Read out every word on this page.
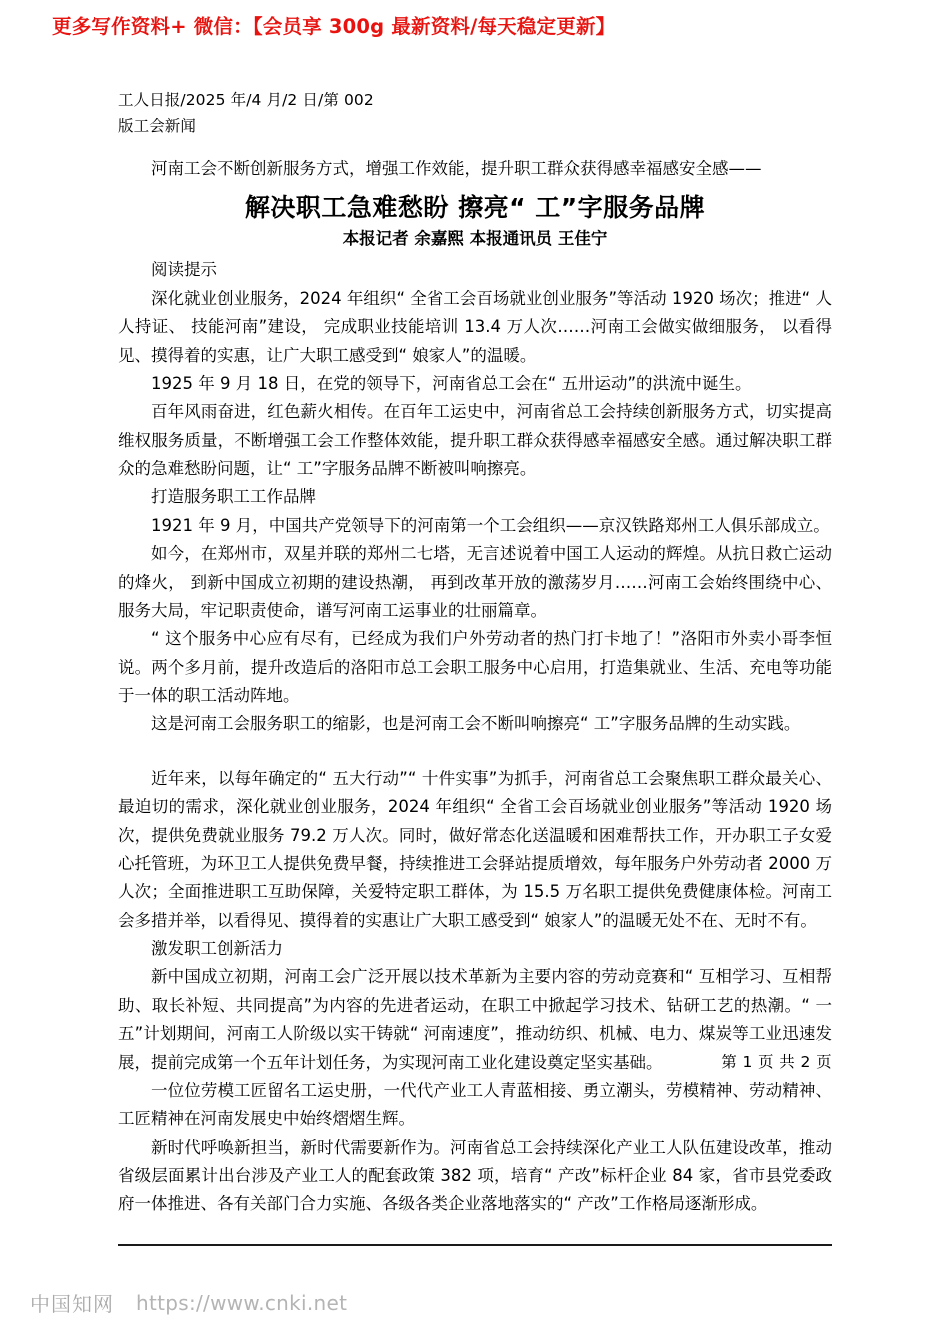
更多写作资料+ 微信：【会员享 300g 最新资料/每天稳定更新】
工人日报/2025 年/4 月/2 日/第 002
版工会新闻
河南工会不断创新服务方式，增强工作效能，提升职工群众获得感幸福感安全感——
解决职工急难愁盼 擦亮“ 工”字服务品牌
本报记者 余嘉熙 本报通讯员 王佳宁

阅读提示

深化就业创业服务，2024 年组织“ 全省工会百场就业创业服务”等活动 1920 场次；推进“ 人人持证、 技能河南”建设， 完成职业技能培训 13.4 万人次……河南工会做实做细服务， 以看得见、摸得着的实惠，让广大职工感受到“ 娘家人”的温暖。

1925 年 9 月 18 日，在党的领导下，河南省总工会在“ 五卅运动”的洪流中诞生。

百年风雨奋进，红色薪火相传。在百年工运史中，河南省总工会持续创新服务方式，切实提高维权服务质量，不断增强工会工作整体效能，提升职工群众获得感幸福感安全感。通过解决职工群众的急难愁盼问题，让“ 工”字服务品牌不断被叫响擦亮。

打造服务职工工作品牌

1921 年 9 月，中国共产党领导下的河南第一个工会组织——京汉铁路郑州工人俱乐部成立。

如今，在郑州市，双星并联的郑州二七塔，无言述说着中国工人运动的辉煌。从抗日救亡运动的烽火， 到新中国成立初期的建设热潮， 再到改革开放的激荡岁月……河南工会始终围绕中心、服务大局，牢记职责使命，谱写河南工运事业的壮丽篇章。

“ 这个服务中心应有尽有，已经成为我们户外劳动者的热门打卡地了！”洛阳市外卖小哥李恒说。两个多月前，提升改造后的洛阳市总工会职工服务中心启用，打造集就业、生活、充电等功能于一体的职工活动阵地。

这是河南工会服务职工的缩影，也是河南工会不断叫响擦亮“ 工”字服务品牌的生动实践。

近年来，以每年确定的“ 五大行动”“ 十件实事”为抓手，河南省总工会聚焦职工群众最关心、最迫切的需求，深化就业创业服务，2024 年组织“ 全省工会百场就业创业服务”等活动 1920 场次，提供免费就业服务 79.2 万人次。同时，做好常态化送温暖和困难帮扶工作，开办职工子女爱心托管班，为环卫工人提供免费早餐，持续推进工会驿站提质增效，每年服务户外劳动者 2000 万人次；全面推进职工互助保障，关爱特定职工群体，为 15.5 万名职工提供免费健康体检。河南工会多措并举，以看得见、摸得着的实惠让广大职工感受到“ 娘家人”的温暖无处不在、无时不有。

激发职工创新活力

新中国成立初期，河南工会广泛开展以技术革新为主要内容的劳动竞赛和“ 互相学习、互相帮助、取长补短、共同提高”为内容的先进者运动，在职工中掀起学习技术、钻研工艺的热潮。“ 一五”计划期间，河南工人阶级以实干铸就“ 河南速度”，推动纺织、机械、电力、煤炭等工业迅速发展，提前完成第一个五年计划任务，为实现河南工业化建设奠定坚实基础。

一位位劳模工匠留名工运史册，一代代产业工人青蓝相接、勇立潮头，劳模精神、劳动精神、工匠精神在河南发展史中始终熠熠生辉。

新时代呼唤新担当，新时代需要新作为。河南省总工会持续深化产业工人队伍建设改革，推动省级层面累计出台涉及产业工人的配套政策 382 项，培育“ 产改”标杆企业 84 家，省市县党委政府一体推进、各有关部门合力实施、各级各类企业落地落实的“ 产改”工作格局逐渐形成。

第 1 页 共 2 页
中国知网 https://www.cnki.net
